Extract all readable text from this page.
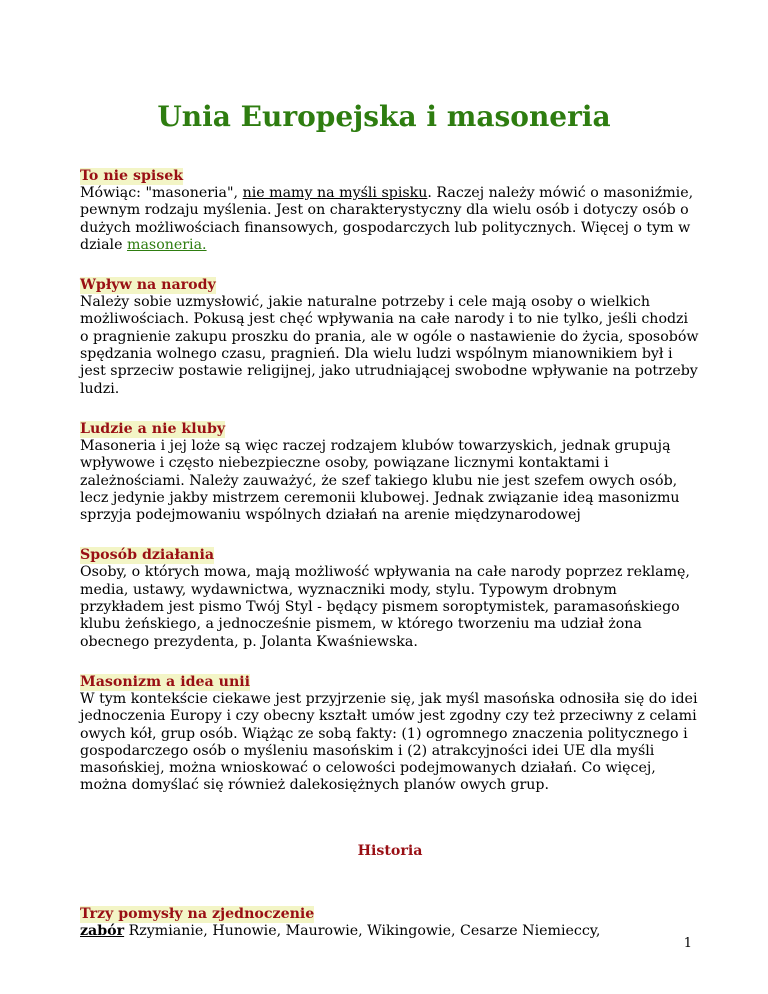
Unia Europejska i masoneria
To nie spisek

Mówiąc: "masoneria", nie mamy na myśli spisku. Raczej należy mówić o masoniźmie, pewnym rodzaju myślenia. Jest on charakterystyczny dla wielu osób i dotyczy osób o dużych możliwościach finansowych, gospodarczych lub politycznych. Więcej o tym w dziale masoneria.

Wpływ na narody

Należy sobie uzmysłowić, jakie naturalne potrzeby i cele mają osoby o wielkich możliwościach. Pokusą jest chęć wpływania na całe narody i to nie tylko, jeśli chodzi o pragnienie zakupu proszku do prania, ale w ogóle o nastawienie do życia, sposobów spędzania wolnego czasu, pragnień. Dla wielu ludzi wspólnym mianownikiem był i jest sprzeciw postawie religijnej, jako utrudniającej swobodne wpływanie na potrzeby ludzi.

Ludzie a nie kluby

Masoneria i jej loże są więc raczej rodzajem klubów towarzyskich, jednak grupują wpływowe i często niebezpieczne osoby, powiązane licznymi kontaktami i zależnościami. Należy zauważyć, że szef takiego klubu nie jest szefem owych osób, lecz jedynie jakby mistrzem ceremonii klubowej. Jednak związanie ideą masonizmu sprzyja podejmowaniu wspólnych działań na arenie międzynarodowej

Sposób działania

Osoby, o których mowa, mają możliwość wpływania na całe narody poprzez reklamę, media, ustawy, wydawnictwa, wyznaczniki mody, stylu. Typowym drobnym przykładem jest pismo Twój Styl - będący pismem soroptymistek, paramasońskiego klubu żeńskiego, a jednocześnie pismem, w którego tworzeniu ma udział żona obecnego prezydenta, p. Jolanta Kwaśniewska.

Masonizm a idea unii

W tym kontekście ciekawe jest przyjrzenie się, jak myśl masońska odnosiła się do idei jednoczenia Europy i czy obecny kształt umów jest zgodny czy też przeciwny z celami owych kół, grup osób. Wiążąc ze sobą fakty: (1) ogromnego znaczenia politycznego i gospodarczego osób o myśleniu masońskim i (2) atrakcyjności idei UE dla myśli masońskiej, można wnioskować o celowości podejmowanych działań. Co więcej, można domyślać się również dalekosiężnych planów owych grup.

Historia
Trzy pomysły na zjednoczenie

zabór Rzymianie, Hunowie, Maurowie, Wikingowie, Cesarze Niemieccy,

1
